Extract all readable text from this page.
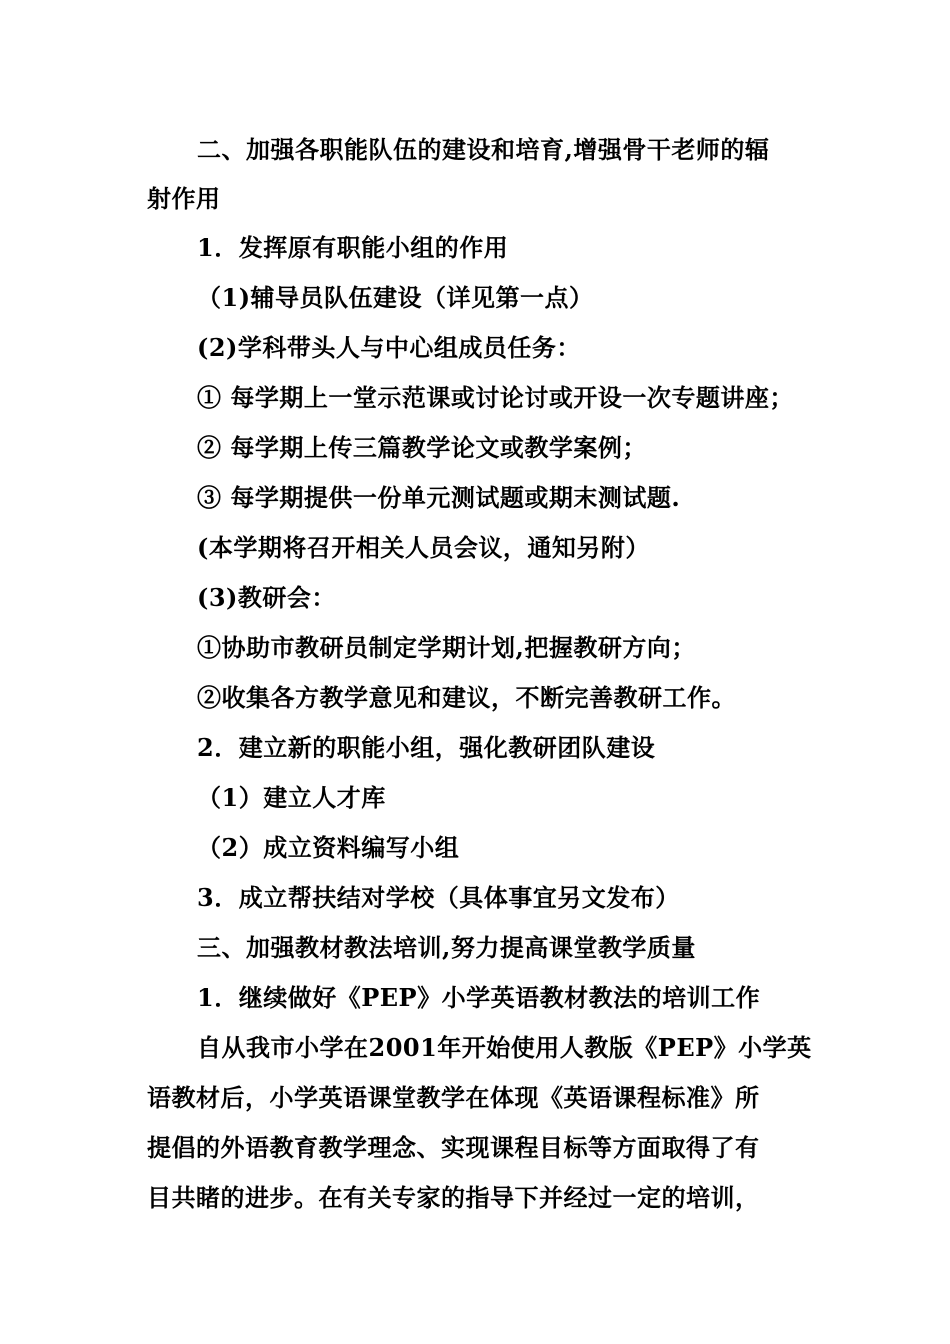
二、加强各职能队伍的建设和培育,增强骨干老师的辐
射作用
1．发挥原有职能小组的作用
（1)辅导员队伍建设（详见第一点）
(2)学科带头人与中心组成员任务：
① 每学期上一堂示范课或讨论讨或开设一次专题讲座；
② 每学期上传三篇教学论文或教学案例；
③ 每学期提供一份单元测试题或期末测试题.
(本学期将召开相关人员会议，通知另附）
(3)教研会：
①协助市教研员制定学期计划,把握教研方向；
②收集各方教学意见和建议，不断完善教研工作。
2．建立新的职能小组，强化教研团队建设
（1）建立人才库
（2）成立资料编写小组
3．成立帮扶结对学校（具体事宜另文发布）
三、加强教材教法培训,努力提高课堂教学质量
1．继续做好《PEP》小学英语教材教法的培训工作
自从我市小学在2001年开始使用人教版《PEP》小学英
语教材后，小学英语课堂教学在体现《英语课程标准》所
提倡的外语教育教学理念、实现课程目标等方面取得了有
目共睹的进步。在有关专家的指导下并经过一定的培训，
